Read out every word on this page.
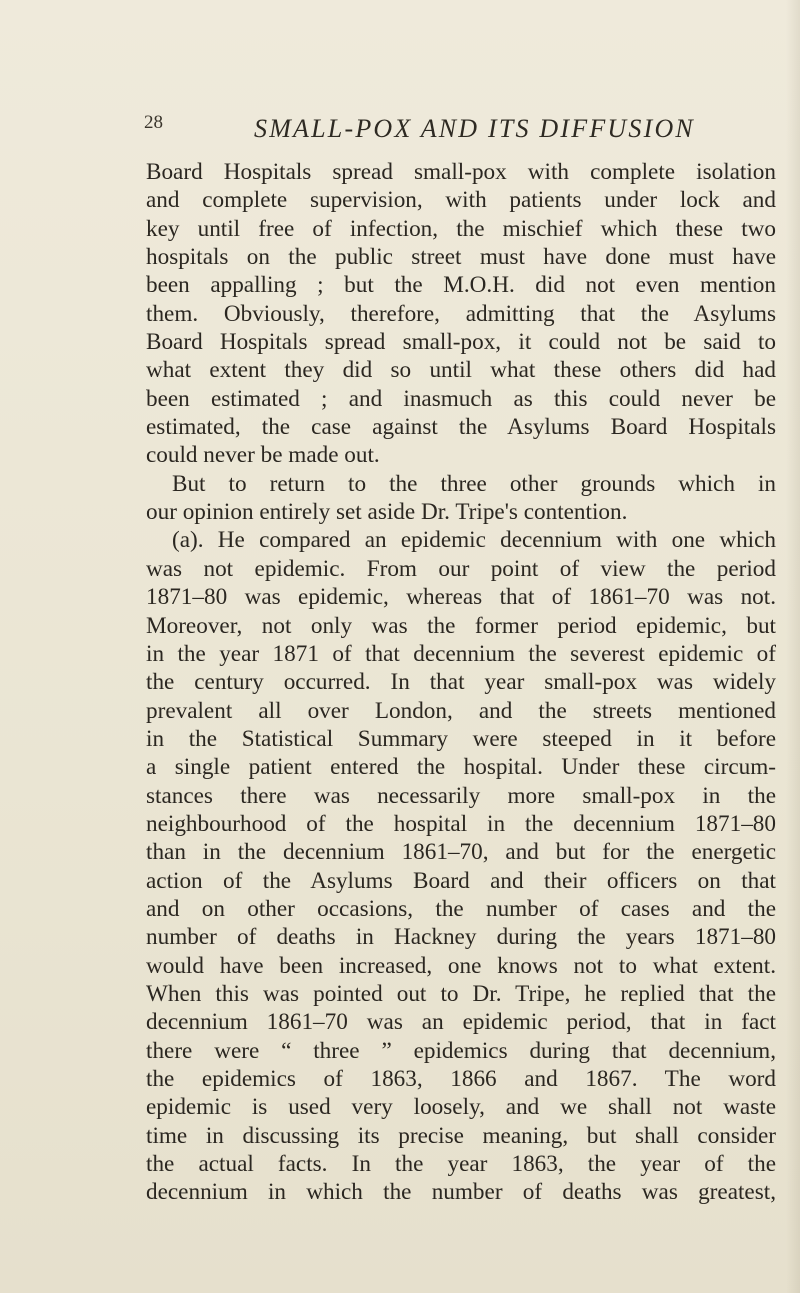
28	SMALL-POX AND ITS DIFFUSION
Board Hospitals spread small-pox with complete isolation
and complete supervision, with patients under lock and
key until free of infection, the mischief which these two
hospitals on the public street must have done must have
been appalling ; but the M.O.H. did not even mention
them. Obviously, therefore, admitting that the Asylums
Board Hospitals spread small-pox, it could not be said to
what extent they did so until what these others did had
been estimated ; and inasmuch as this could never be
estimated, the case against the Asylums Board Hospitals
could never be made out.
But to return to the three other grounds which in
our opinion entirely set aside Dr. Tripe's contention.
(a). He compared an epidemic decennium with one which
was not epidemic. From our point of view the period
1871–80 was epidemic, whereas that of 1861–70 was not.
Moreover, not only was the former period epidemic, but
in the year 1871 of that decennium the severest epidemic of
the century occurred. In that year small-pox was widely
prevalent all over London, and the streets mentioned
in the Statistical Summary were steeped in it before
a single patient entered the hospital. Under these circum-
stances there was necessarily more small-pox in the
neighbourhood of the hospital in the decennium 1871–80
than in the decennium 1861–70, and but for the energetic
action of the Asylums Board and their officers on that
and on other occasions, the number of cases and the
number of deaths in Hackney during the years 1871–80
would have been increased, one knows not to what extent.
When this was pointed out to Dr. Tripe, he replied that the
decennium 1861–70 was an epidemic period, that in fact
there were “ three ” epidemics during that decennium,
the epidemics of 1863, 1866 and 1867. The word
epidemic is used very loosely, and we shall not waste
time in discussing its precise meaning, but shall consider
the actual facts. In the year 1863, the year of the
decennium in which the number of deaths was greatest,
